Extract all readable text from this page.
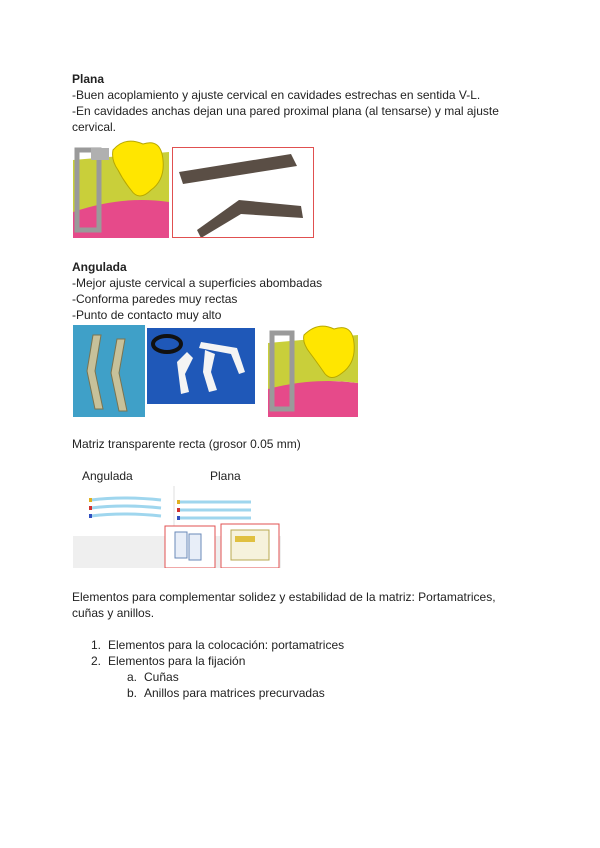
Plana
-Buen acoplamiento y ajuste cervical en cavidades estrechas en sentida V-L.
-En cavidades anchas dejan una pared proximal plana (al tensarse) y mal ajuste
cervical.
Angulada
-Mejor ajuste cervical a superficies abombadas
-Conforma paredes muy rectas
-Punto de contacto muy alto
Matriz transparente recta (grosor 0.05 mm)
Angulada	Plana
Elementos para complementar solidez y estabilidad de la matriz: Portamatrices,
cuñas y anillos.
1. Elementos para la colocación: portamatrices
2. Elementos para la fijación
a. Cuñas
b. Anillos para matrices precurvadas
